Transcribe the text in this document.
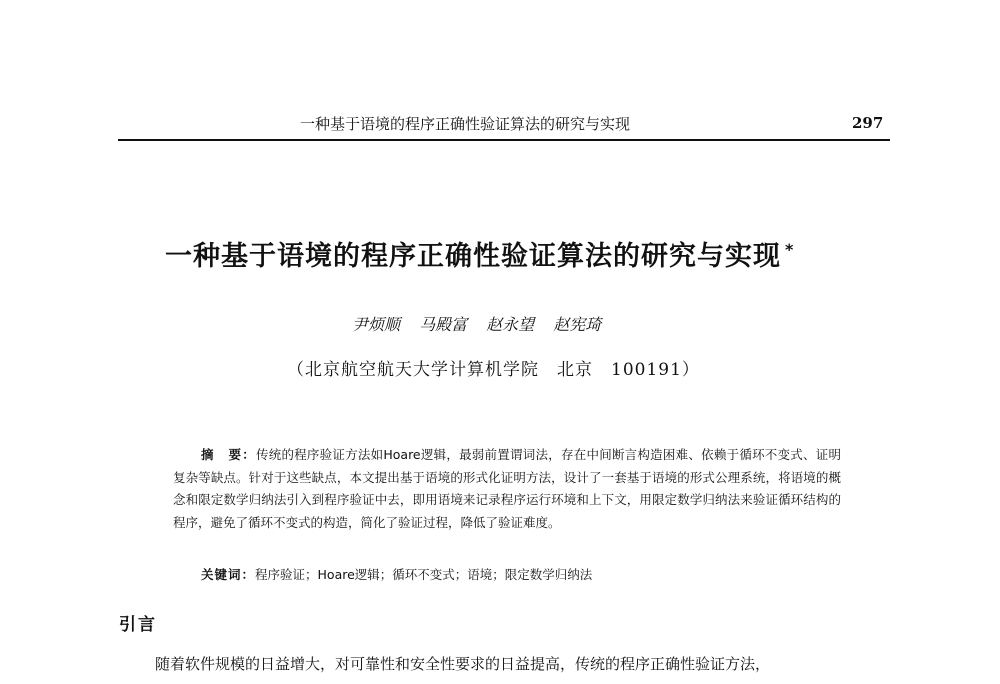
一种基于语境的程序正确性验证算法的研究与实现	297
一种基于语境的程序正确性验证算法的研究与实现 *
尹烦顺 马殿富 赵永望 赵宪琦
（北京航空航天大学计算机学院　北京　100191）
摘　要：传统的程序验证方法如Hoare逻辑，最弱前置谓词法，存在中间断言构造困难、依赖于循环不变式、证明复杂等缺点。针对于这些缺点，本文提出基于语境的形式化证明方法，设计了一套基于语境的形式公理系统，将语境的概念和限定数学归纳法引入到程序验证中去，即用语境来记录程序运行环境和上下文，用限定数学归纳法来验证循环结构的程序，避免了循环不变式的构造，简化了验证过程，降低了验证难度。
关键词：程序验证；Hoare逻辑；循环不变式；语境；限定数学归纳法
引言
随着软件规模的日益增大，对可靠性和安全性要求的日益提高，传统的程序正确性验证方法，
